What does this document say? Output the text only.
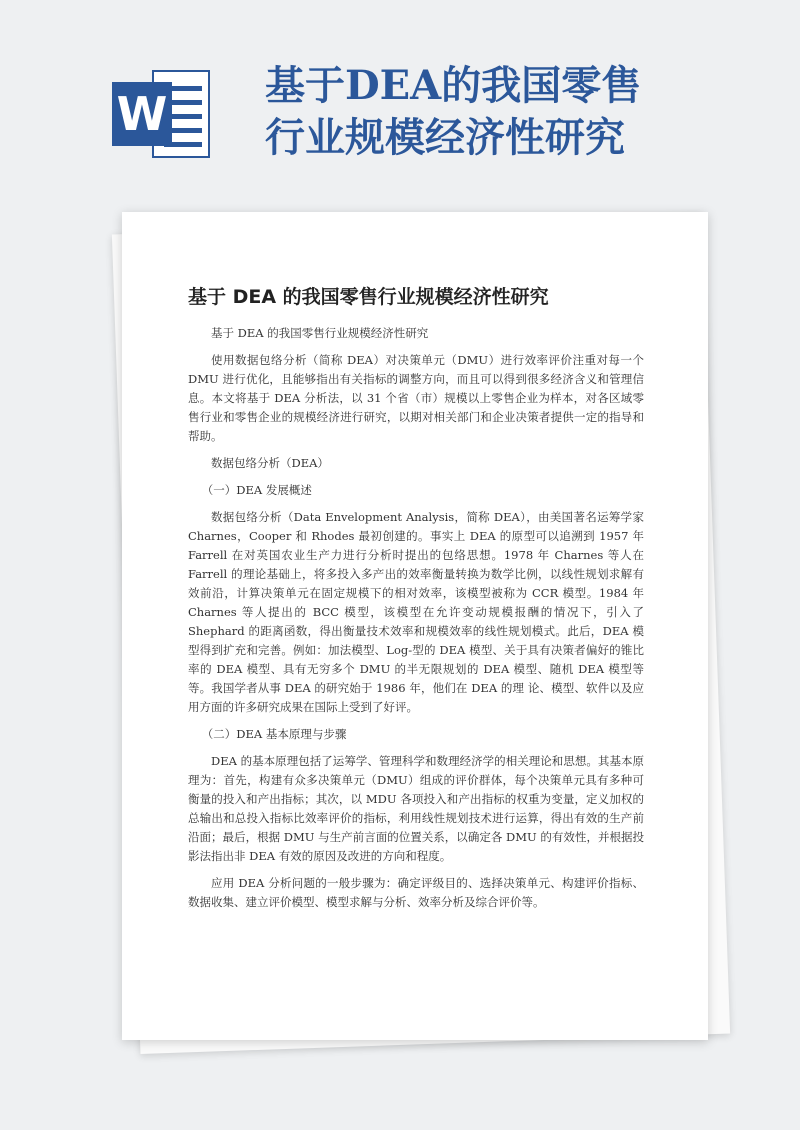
W
基于DEA的我国零售
行业规模经济性研究
基于 DEA 的我国零售行业规模经济性研究

基于 DEA 的我国零售行业规模经济性研究

使用数据包络分析（简称 DEA）对决策单元（DMU）进行效率评价注重对每一个 DMU 进行优化，且能够指出有关指标的调整方向，而且可以得到很多经济含义和管理信息。本文将基于 DEA 分析法，以 31 个省（市）规模以上零售企业为样本，对各区域零售行业和零售企业的规模经济进行研究，以期对相关部门和企业决策者提供一定的指导和帮助。

数据包络分析（DEA）

（一）DEA 发展概述

数据包络分析（Data Envelopment Analysis，简称 DEA），由美国著名运筹学家 Charnes，Cooper 和 Rhodes 最初创建的。事实上 DEA 的原型可以追溯到 1957 年 Farrell 在对英国农业生产力进行分析时提出的包络思想。1978 年 Charnes 等人在 Farrell 的理论基础上，将多投入多产出的效率衡量转换为数学比例，以线性规划求解有效前沿，计算决策单元在固定规模下的相对效率，该模型被称为 CCR 模型。1984 年 Charnes 等人提出的 BCC 模型，该模型在允许变动规模报酬的情况下，引入了 Shephard 的距离函数，得出衡量技术效率和规模效率的线性规划模式。此后，DEA 模型得到扩充和完善。例如：加法模型、Log-型的 DEA 模型、关于具有决策者偏好的锥比率的 DEA 模型、具有无穷多个 DMU 的半无限规划的 DEA 模型、随机 DEA 模型等等。我国学者从事 DEA 的研究始于 1986 年，他们在 DEA 的理 论、模型、软件以及应用方面的许多研究成果在国际上受到了好评。

（二）DEA 基本原理与步骤

DEA 的基本原理包括了运筹学、管理科学和数理经济学的相关理论和思想。其基本原理为：首先，构建有众多决策单元（DMU）组成的评价群体，每个决策单元具有多种可衡量的投入和产出指标；其次，以 MDU 各项投入和产出指标的权重为变量，定义加权的总输出和总投入指标比效率评价的指标，利用线性规划技术进行运算，得出有效的生产前沿面；最后，根据 DMU 与生产前言面的位置关系，以确定各 DMU 的有效性，并根据投影法指出非 DEA 有效的原因及改进的方向和程度。

应用 DEA 分析问题的一般步骤为：确定评级目的、选择决策单元、构建评价指标、数据收集、建立评价模型、模型求解与分析、效率分析及综合评价等。
